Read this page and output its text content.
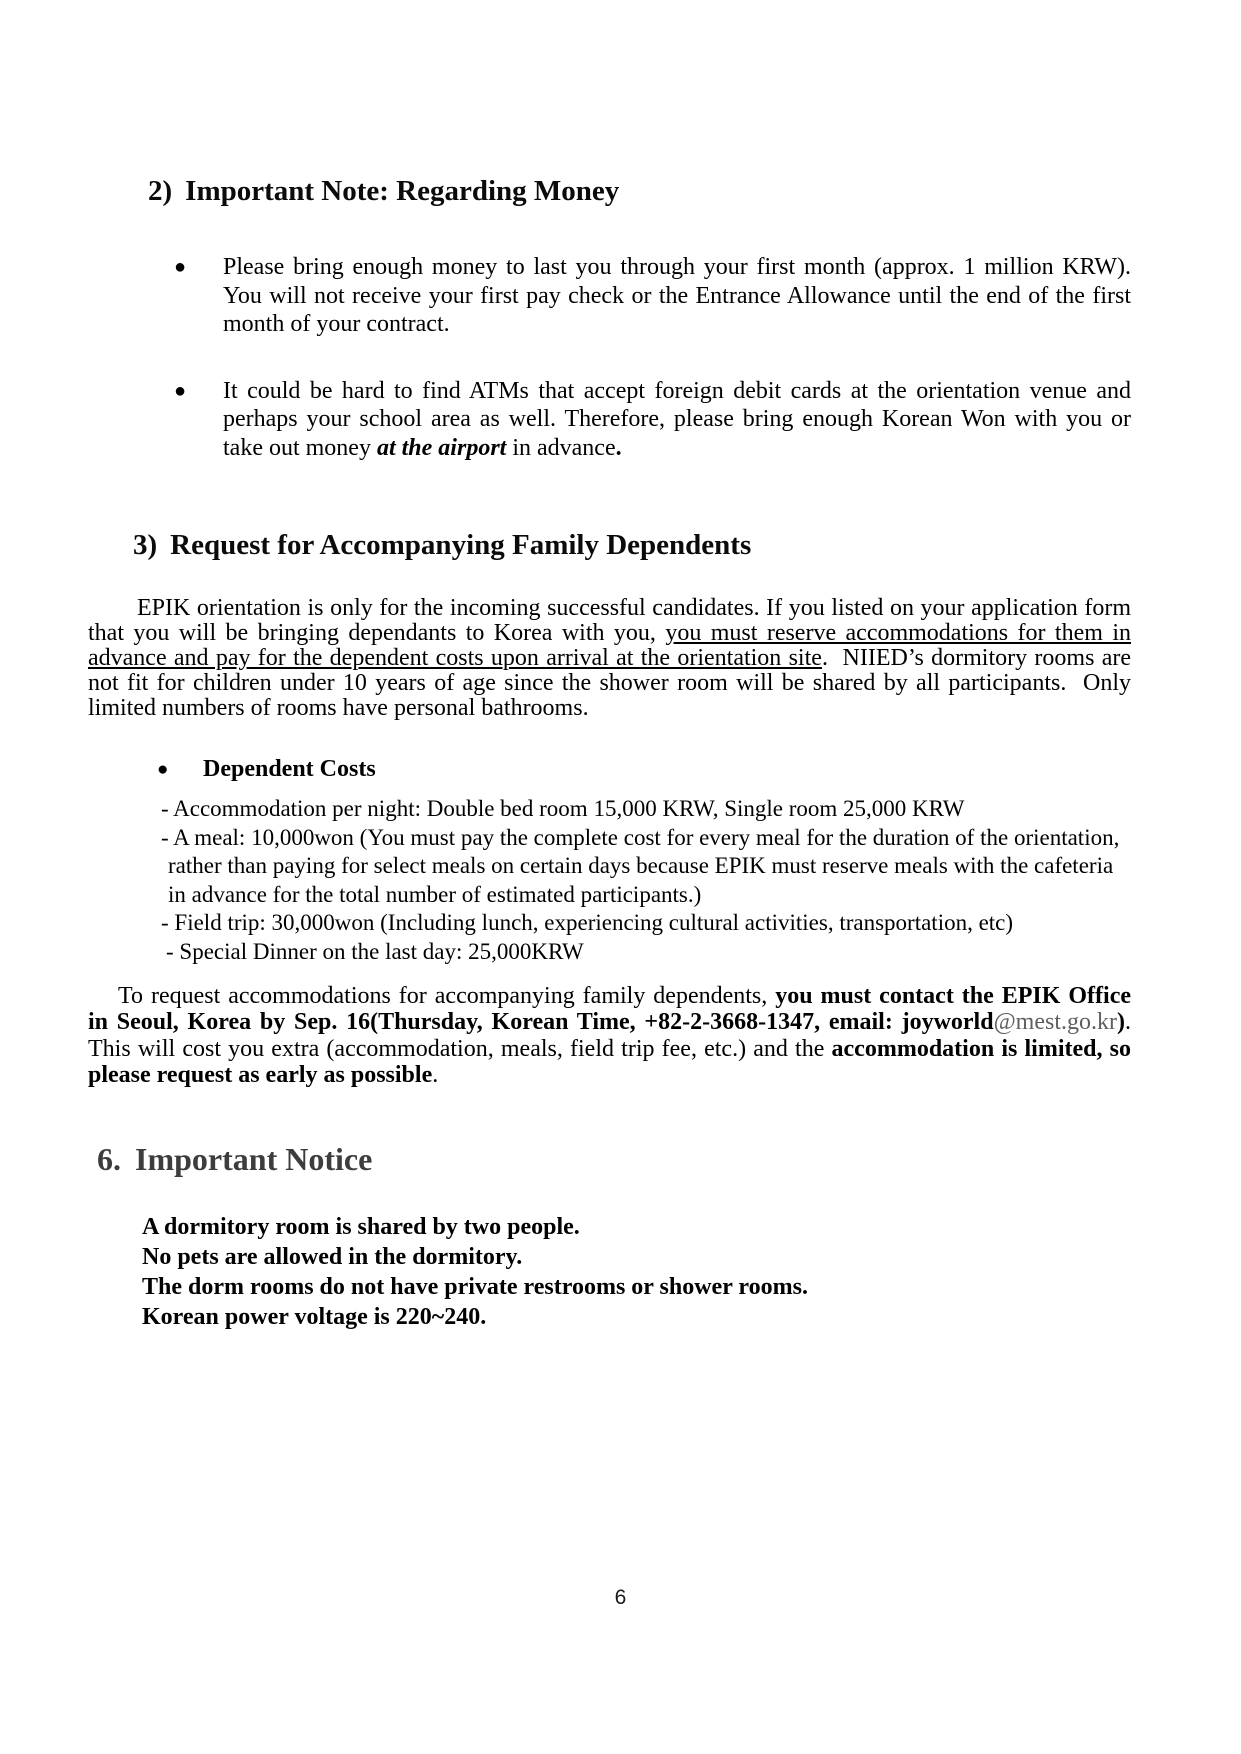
2) Important Note: Regarding Money
●	Please bring enough money to last you through your first month (approx. 1 million KRW). You will not receive your first pay check or the Entrance Allowance until the end of the first month of your contract.
●	It could be hard to find ATMs that accept foreign debit cards at the orientation venue and perhaps your school area as well. Therefore, please bring enough Korean Won with you or take out money at the airport in advance.
3) Request for Accompanying Family Dependents
EPIK orientation is only for the incoming successful candidates. If you listed on your application form that you will be bringing dependants to Korea with you, you must reserve accommodations for them in advance and pay for the dependent costs upon arrival at the orientation site.  NIIED’s dormitory rooms are not fit for children under 10 years of age since the shower room will be shared by all participants.  Only limited numbers of rooms have personal bathrooms.
●	Dependent Costs
- Accommodation per night: Double bed room 15,000 KRW, Single room 25,000 KRW
- A meal: 10,000won (You must pay the complete cost for every meal for the duration of the orientation, rather than paying for select meals on certain days because EPIK must reserve meals with the cafeteria in advance for the total number of estimated participants.)
- Field trip: 30,000won (Including lunch, experiencing cultural activities, transportation, etc)
- Special Dinner on the last day: 25,000KRW
To request accommodations for accompanying family dependents, you must contact the EPIK Office in Seoul, Korea by Sep. 16(Thursday, Korean Time, +82-2-3668-1347, email: joyworld@mest.go.kr). This will cost you extra (accommodation, meals, field trip fee, etc.) and the accommodation is limited, so please request as early as possible.
6. Important Notice
A dormitory room is shared by two people.
No pets are allowed in the dormitory.
The dorm rooms do not have private restrooms or shower rooms.
Korean power voltage is 220~240.
6
